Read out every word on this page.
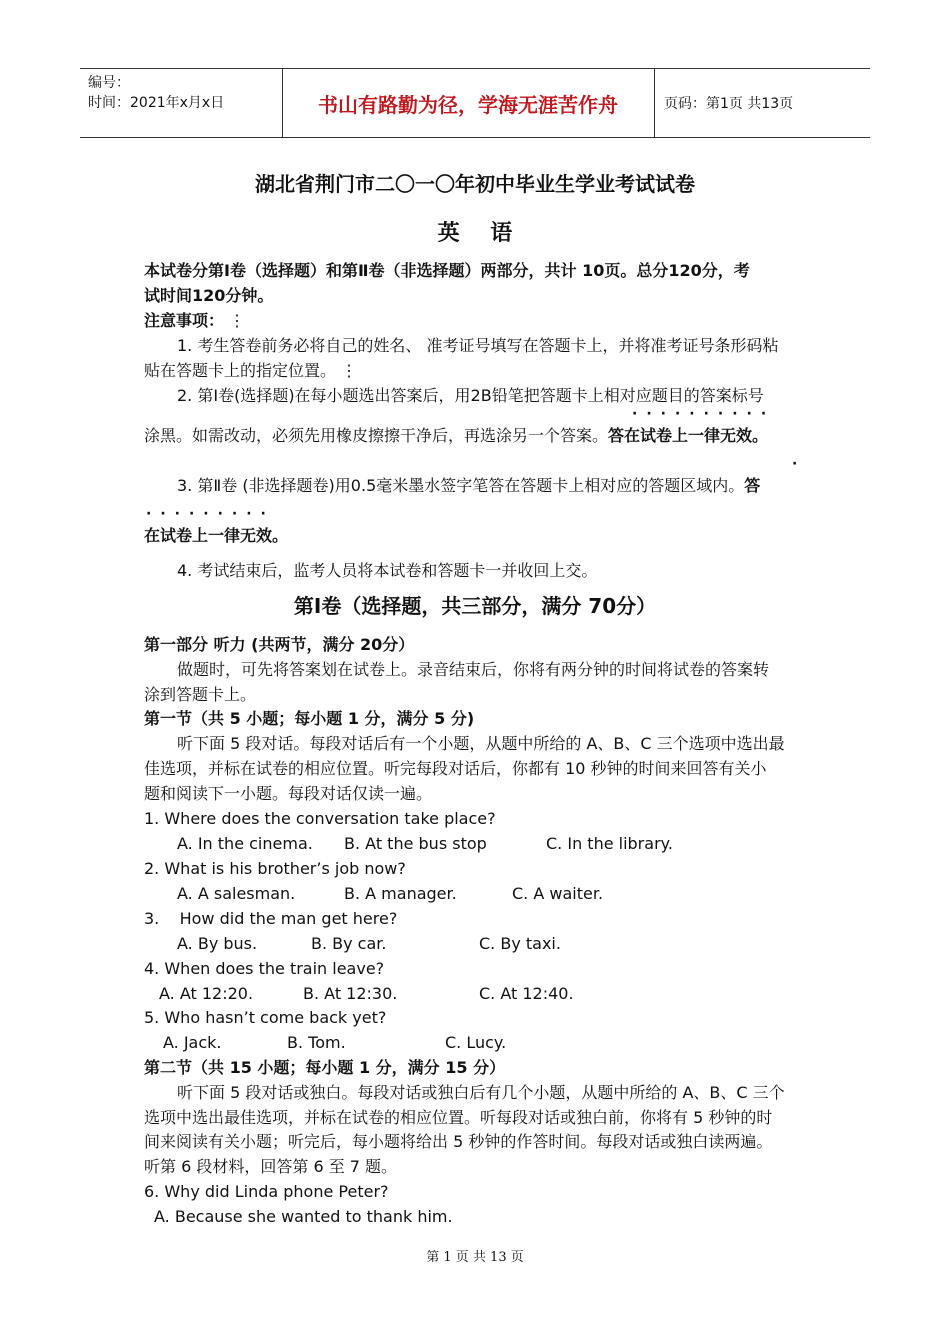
编号：
时间：2021年x月x日	书山有路勤为径，学海无涯苦作舟	页码：第1页 共13页
湖北省荆门市二〇一〇年初中毕业生学业考试试卷
英    语
本试卷分第Ⅰ卷（选择题）和第Ⅱ卷（非选择题）两部分，共计 10页。总分120分，考
试时间120分钟。
注意事项： ⋮
1. 考生答卷前务必将自己的姓名、 准考证号填写在答题卡上，并将准考证号条形码粘
贴在答题卡上的指定位置。 ⋮
2. 第Ⅰ卷(选择题)在每小题选出答案后，用2B铅笔把答题卡上相对应题目的答案标号
··········
涂黑。如需改动，必须先用橡皮擦擦干净后，再选涂另一个答案。答在试卷上一律无效。
·
3. 第Ⅱ卷 (非选择题卷)用0.5毫米墨水签字笔答在答题卡上相对应的答题区域内。答
·········
在试卷上一律无效。
4. 考试结束后，监考人员将本试卷和答题卡一并收回上交。
第Ⅰ卷（选择题，共三部分，满分 70分）
第一部分 听力 (共两节，满分 20分）
做题时，可先将答案划在试卷上。录音结束后，你将有两分钟的时间将试卷的答案转
涂到答题卡上。
第一节（共 5 小题；每小题 1 分，满分 5 分)
听下面 5 段对话。每段对话后有一个小题，从题中所给的 A、B、C 三个选项中选出最
佳选项，并标在试卷的相应位置。听完每段对话后，你都有 10 秒钟的时间来回答有关小
题和阅读下一小题。每段对话仅读一遍。
1. Where does the conversation take place?
A. In the cinema. B. At the bus stop	C. In the library.
2. What is his brother’s job now?
A. A salesman.	B. A manager.	C. A waiter.
3.    How did the man get here?
A. By bus.	B. By car.	C. By taxi.
4. When does the train leave?
A. At 12:20.	B. At 12:30.	C. At 12:40.
5. Who hasn’t come back yet?
A. Jack.	B. Tom.	C. Lucy.
第二节（共 15 小题；每小题 1 分，满分 15 分）
听下面 5 段对话或独白。每段对话或独白后有几个小题，从题中所给的 A、B、C 三个
选项中选出最佳选项，并标在试卷的相应位置。听每段对话或独白前，你将有 5 秒钟的时
间来阅读有关小题；听完后，每小题将给出 5 秒钟的作答时间。每段对话或独白读两遍。
听第 6 段材料，回答第 6 至 7 题。
6. Why did Linda phone Peter?
A. Because she wanted to thank him.
第 1 页 共 13 页
